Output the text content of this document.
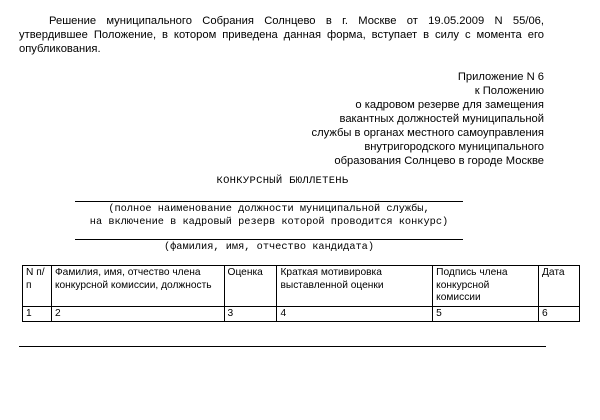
Решение муниципального Собрания Солнцево в г. Москве от 19.05.2009 N 55/06,

утвердившее Положение, в котором приведена данная форма, вступает в силу с момента его

опубликования.

Приложение N 6
к Положению
о кадровом резерве для замещения
вакантных должностей муниципальной
службы в органах местного самоуправления
внутригородского муниципального
образования Солнцево в городе Москве
КОНКУРСНЫЙ БЮЛЛЕТЕНЬ
(полное наименование должности муниципальной службы,
на включение в кадровый резерв которой проводится конкурс)
(фамилия, имя, отчество кандидата)
N п/п	Фамилия, имя, отчество члена конкурсной комиссии, должность	Оценка	Краткая мотивировка выставленной оценки	Подпись члена конкурсной комиссии	Дата
1	2	3	4	5	6
